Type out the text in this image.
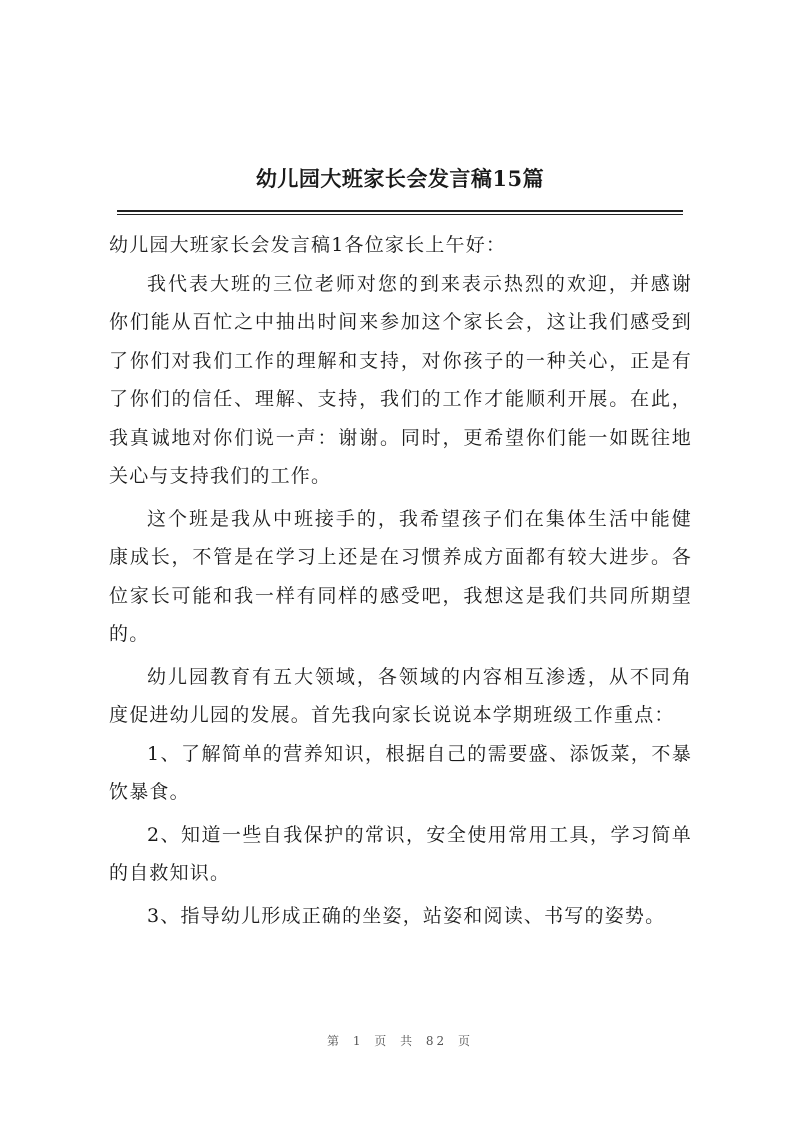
幼儿园大班家长会发言稿15篇

幼儿园大班家长会发言稿1各位家长上午好：

我代表大班的三位老师对您的到来表示热烈的欢迎，并感谢你们能从百忙之中抽出时间来参加这个家长会，这让我们感受到了你们对我们工作的理解和支持，对你孩子的一种关心，正是有了你们的信任、理解、支持，我们的工作才能顺利开展。在此，我真诚地对你们说一声：谢谢。同时，更希望你们能一如既往地关心与支持我们的工作。

这个班是我从中班接手的，我希望孩子们在集体生活中能健康成长，不管是在学习上还是在习惯养成方面都有较大进步。各位家长可能和我一样有同样的感受吧，我想这是我们共同所期望的。

幼儿园教育有五大领域，各领域的内容相互渗透，从不同角度促进幼儿园的发展。首先我向家长说说本学期班级工作重点：

1、了解简单的营养知识，根据自己的需要盛、添饭菜，不暴饮暴食。

2、知道一些自我保护的常识，安全使用常用工具，学习简单的自救知识。

3、指导幼儿形成正确的坐姿，站姿和阅读、书写的姿势。

第 1 页 共 82 页
